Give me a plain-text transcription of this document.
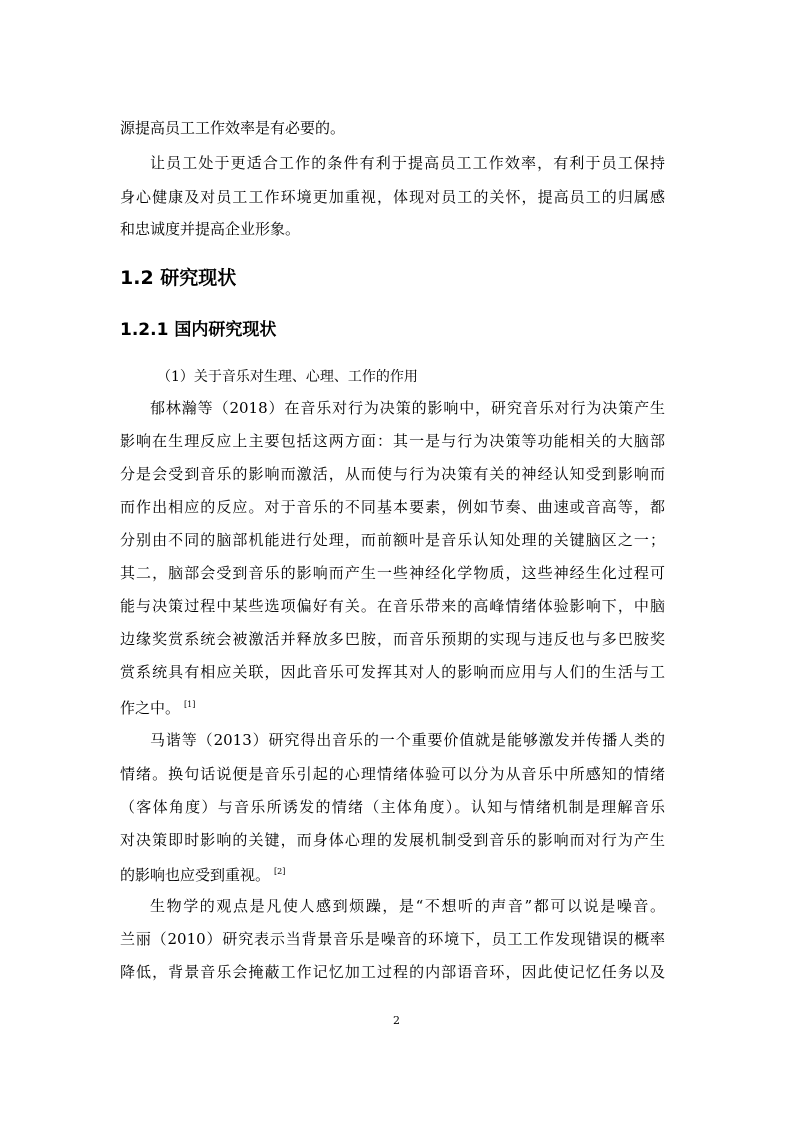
源提高员工工作效率是有必要的。
让员工处于更适合工作的条件有利于提高员工工作效率，有利于员工保持
身心健康及对员工工作环境更加重视，体现对员工的关怀，提高员工的归属感
和忠诚度并提高企业形象。
1.2 研究现状
1.2.1 国内研究现状
（1）关于音乐对生理、心理、工作的作用
郁林瀚等（2018）在音乐对行为决策的影响中，研究音乐对行为决策产生
影响在生理反应上主要包括这两方面：其一是与行为决策等功能相关的大脑部
分是会受到音乐的影响而激活，从而使与行为决策有关的神经认知受到影响而
而作出相应的反应。对于音乐的不同基本要素，例如节奏、曲速或音高等，都
分别由不同的脑部机能进行处理，而前额叶是音乐认知处理的关键脑区之一；
其二，脑部会受到音乐的影响而产生一些神经化学物质，这些神经生化过程可
能与决策过程中某些选项偏好有关。在音乐带来的高峰情绪体验影响下，中脑
边缘奖赏系统会被激活并释放多巴胺，而音乐预期的实现与违反也与多巴胺奖
赏系统具有相应关联，因此音乐可发挥其对人的影响而应用与人们的生活与工
作之中。 [1]
马谐等（2013）研究得出音乐的一个重要价值就是能够激发并传播人类的
情绪。换句话说便是音乐引起的心理情绪体验可以分为从音乐中所感知的情绪
（客体角度）与音乐所诱发的情绪（主体角度）。认知与情绪机制是理解音乐
对决策即时影响的关键，而身体心理的发展机制受到音乐的影响而对行为产生
的影响也应受到重视。 [2]
生物学的观点是凡使人感到烦躁，是“不想听的声音”都可以说是噪音。
兰丽（2010）研究表示当背景音乐是噪音的环境下，员工工作发现错误的概率
降低，背景音乐会掩蔽工作记忆加工过程的内部语音环，因此使记忆任务以及
2
